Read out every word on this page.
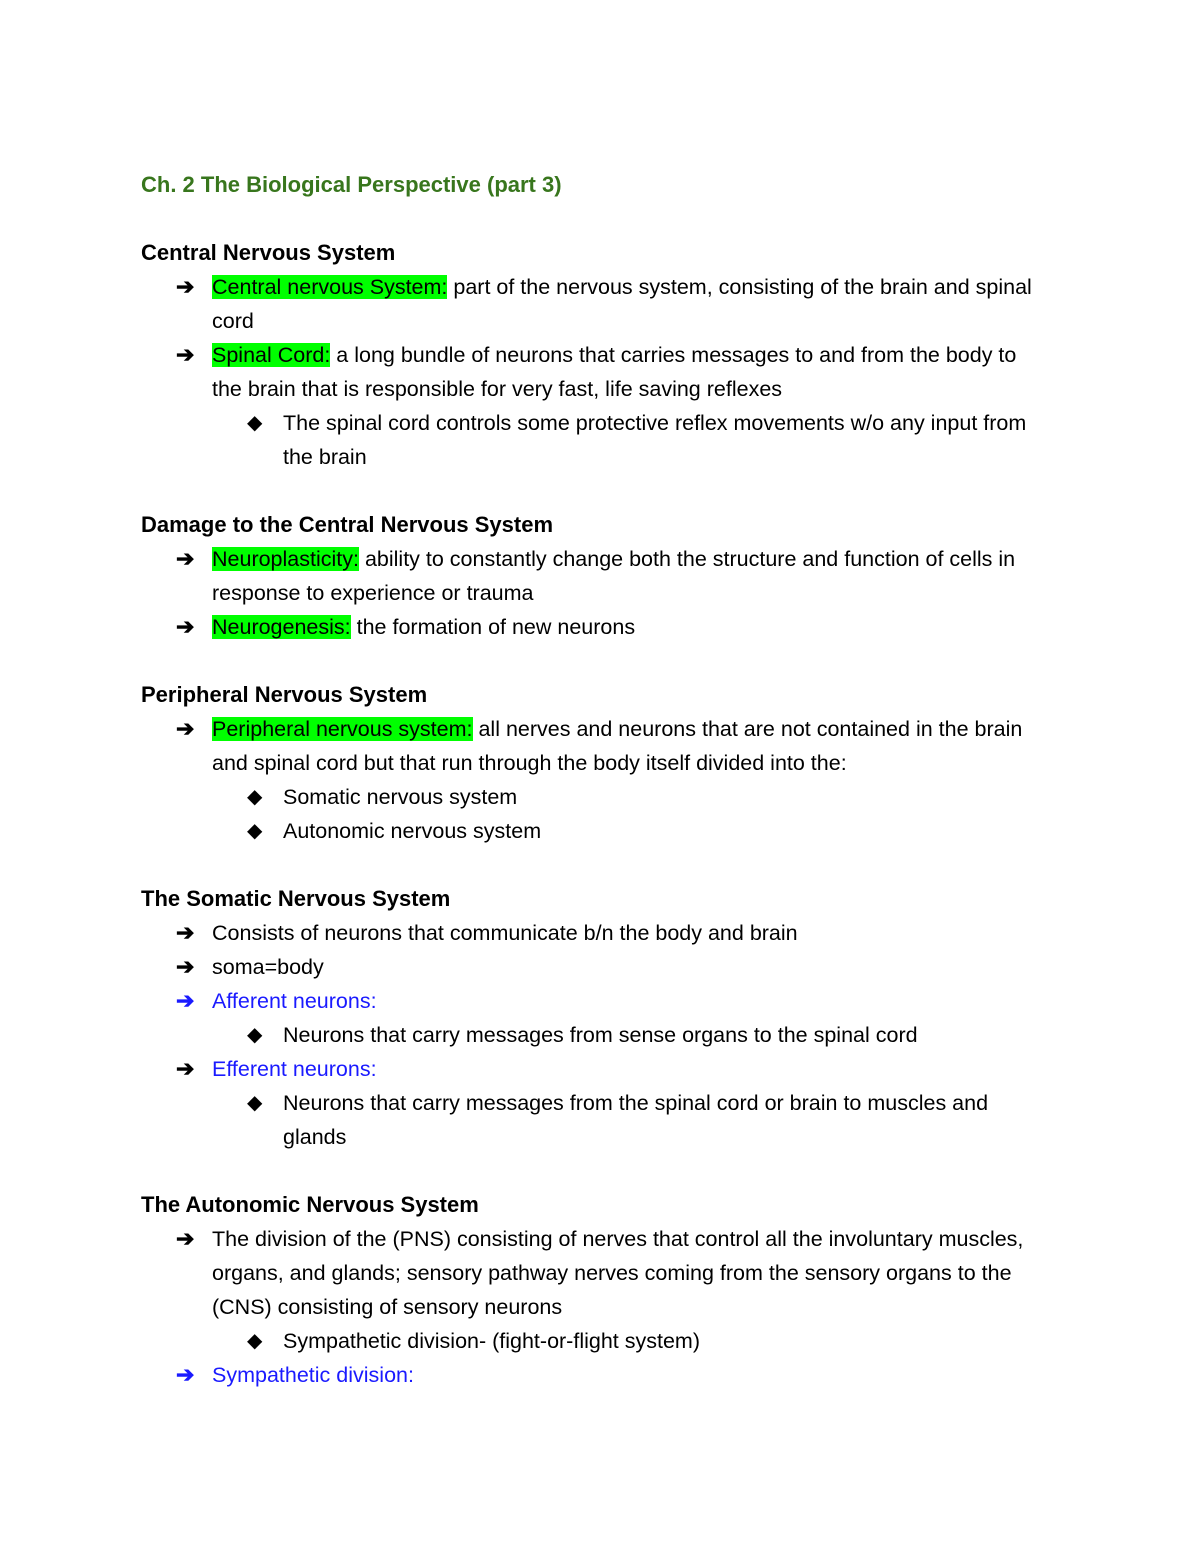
Ch. 2 The Biological Perspective (part 3)
Central Nervous System
➔ Central nervous System: part of the nervous system, consisting of the brain and spinal cord
➔ Spinal Cord: a long bundle of neurons that carries messages to and from the body to the brain that is responsible for very fast, life saving reflexes
◆ The spinal cord controls some protective reflex movements w/o any input from the brain
Damage to the Central Nervous System
➔ Neuroplasticity: ability to constantly change both the structure and function of cells in response to experience or trauma
➔ Neurogenesis: the formation of new neurons
Peripheral Nervous System
➔ Peripheral nervous system: all nerves and neurons that are not contained in the brain and spinal cord but that run through the body itself divided into the:
◆ Somatic nervous system
◆ Autonomic nervous system
The Somatic Nervous System
➔ Consists of neurons that communicate b/n the body and brain
➔ soma=body
➔ Afferent neurons:
◆ Neurons that carry messages from sense organs to the spinal cord
➔ Efferent neurons:
◆ Neurons that carry messages from the spinal cord or brain to muscles and glands
The Autonomic Nervous System
➔ The division of the (PNS) consisting of nerves that control all the involuntary muscles, organs, and glands; sensory pathway nerves coming from the sensory organs to the (CNS) consisting of sensory neurons
◆ Sympathetic division- (fight-or-flight system)
➔ Sympathetic division:
